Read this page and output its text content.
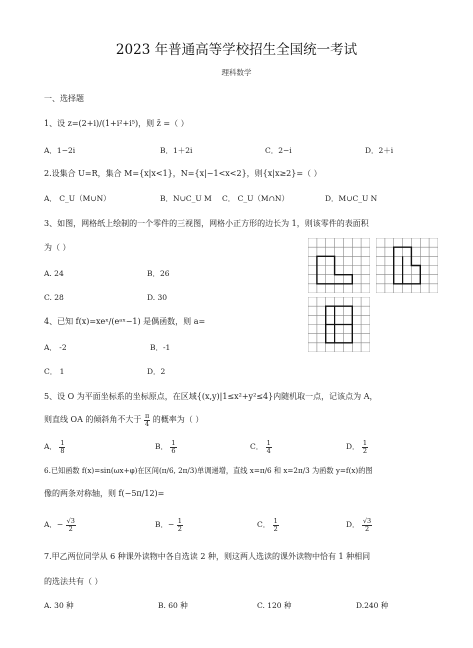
2023 年普通高等学校招生全国统一考试
理科数学
一、选择题
1、设 z=(2+i)/(1+i²+i⁵)，则 z̄ =（ ）
A．1−2i	B．1＋2i	C．2−i	D．2＋i
2.设集合 U=R，集合 M={x|x<1}，N={x|−1<x<2}，则{x|x≥2}=（ ）
A． C_U（M∪N）	B．N∪C_U M C． C_U（M∩N）	D．M∪C_U N
3、如图，网格纸上绘制的一个零件的三视图，网格小正方形的边长为 1，则该零件的表面积
为（ ）
A. 24	B．26
C. 28	D. 30
4、已知 f(x)=xeˣ/(eᵃˣ−1) 是偶函数，则 a=
A． -2	B．-1
C． 1	D．2
5、设 O 为平面坐标系的坐标原点，在区域{(x,y)|1≤x²+y²≤4}内随机取一点，记该点为 A，
则直线 OA 的倾斜角不大于 $\frac{\pi}{4}$ 的概率为（ ）
A． $\frac{1}{8}$	B． $\frac{1}{6}$	C． $\frac{1}{4}$	D． $\frac{1}{2}$
6.已知函数 f(x)=sin(ωx+φ)在区间(π/6, 2π/3)单调递增，直线 x=π/6 和 x=2π/3 为函数 y=f(x)的图
像的两条对称轴，则 f(−5π/12)=
A．− $\frac{√3}{2}$	B．− $\frac{1}{2}$	C． $\frac{1}{2}$	D． $\frac{√3}{2}$
7.甲乙两位同学从 6 种课外读物中各自选读 2 种，则这两人选读的课外读物中恰有 1 种相同
的选法共有（ ）
A. 30 种	B. 60 种	C. 120 种	D.240 种
